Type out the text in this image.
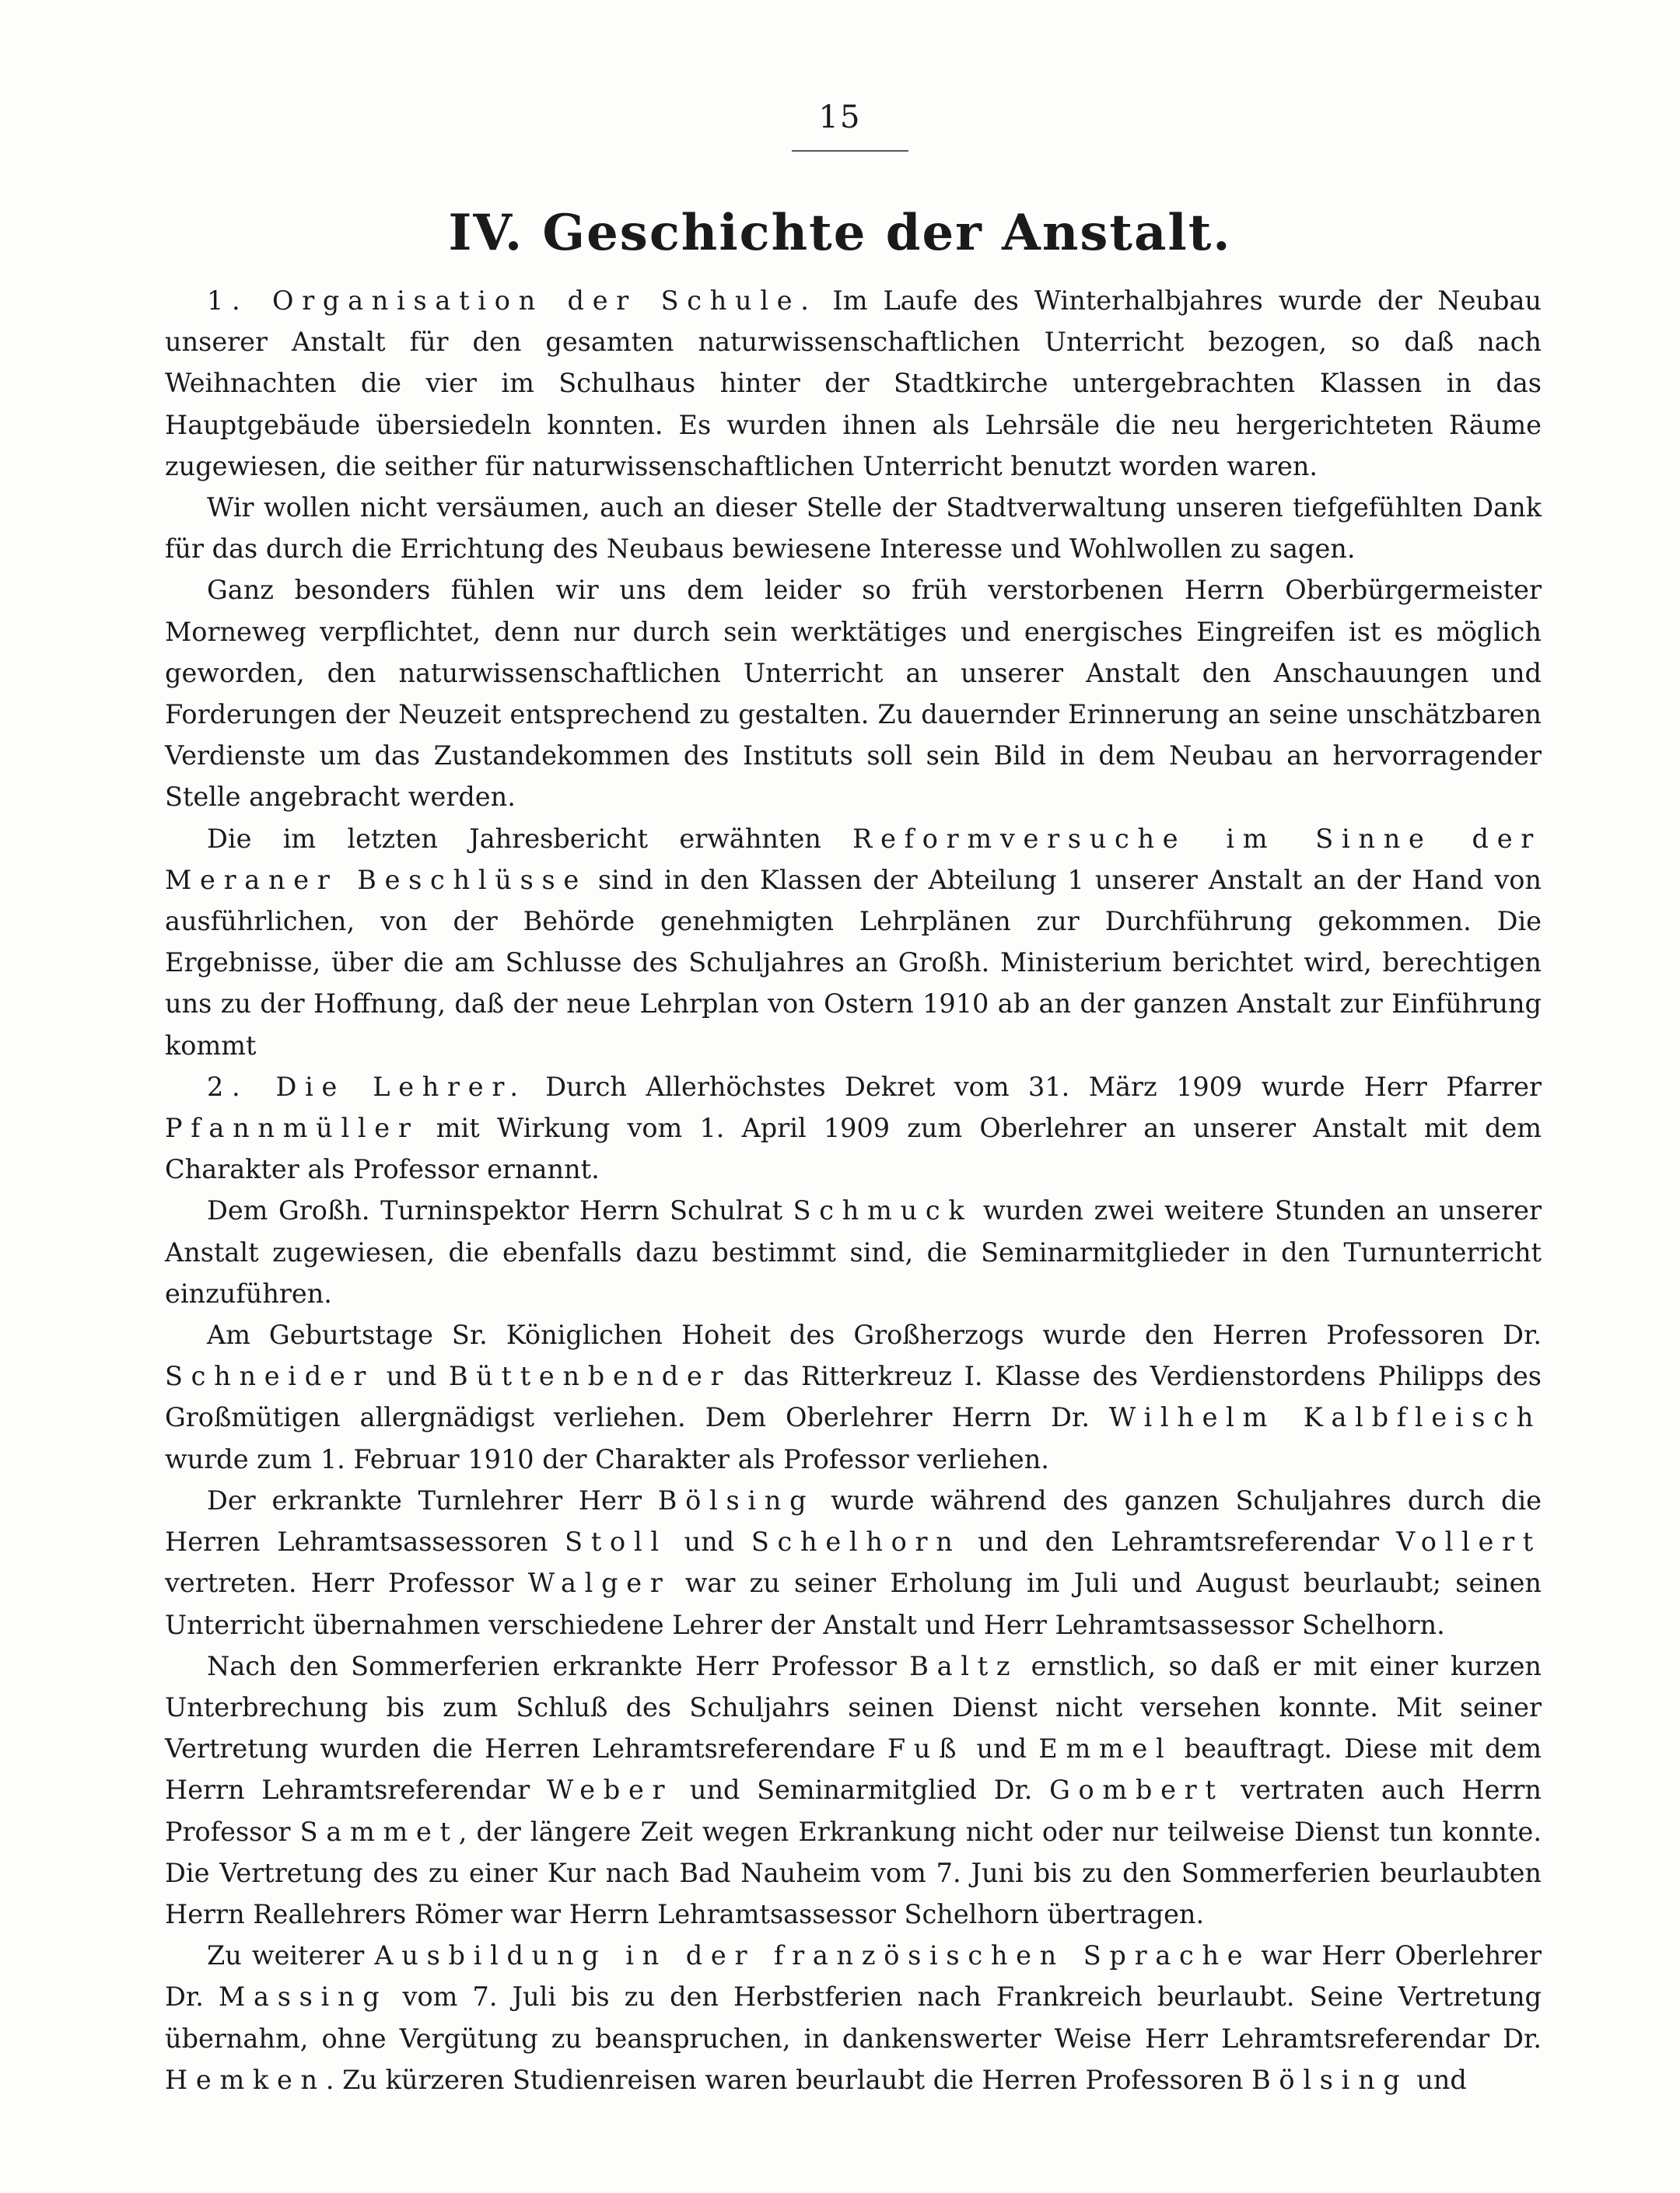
15
IV. Geschichte der Anstalt.

1. Organisation der Schule. Im Laufe des Winterhalbjahres wurde der Neubau unserer Anstalt für den gesamten naturwissenschaftlichen Unterricht bezogen, so daß nach Weihnachten die vier im Schulhaus hinter der Stadtkirche untergebrachten Klassen in das Hauptgebäude übersiedeln konnten. Es wurden ihnen als Lehrsäle die neu hergerichteten Räume zugewiesen, die seither für naturwissenschaftlichen Unterricht benutzt worden waren.

Wir wollen nicht versäumen, auch an dieser Stelle der Stadtverwaltung unseren tiefgefühlten Dank für das durch die Errichtung des Neubaus bewiesene Interesse und Wohlwollen zu sagen.

Ganz besonders fühlen wir uns dem leider so früh verstorbenen Herrn Oberbürgermeister Morneweg verpflichtet, denn nur durch sein werktätiges und energisches Eingreifen ist es möglich geworden, den naturwissenschaftlichen Unterricht an unserer Anstalt den Anschauungen und Forderungen der Neuzeit entsprechend zu gestalten. Zu dauernder Erinnerung an seine unschätzbaren Verdienste um das Zustandekommen des Instituts soll sein Bild in dem Neubau an hervorragender Stelle angebracht werden.

Die im letzten Jahresbericht erwähnten Reformversuche im Sinne der Meraner Beschlüsse sind in den Klassen der Abteilung 1 unserer Anstalt an der Hand von ausführlichen, von der Behörde genehmigten Lehrplänen zur Durchführung gekommen. Die Ergebnisse, über die am Schlusse des Schuljahres an Großh. Ministerium berichtet wird, berechtigen uns zu der Hoffnung, daß der neue Lehrplan von Ostern 1910 ab an der ganzen Anstalt zur Einführung kommt

2. Die Lehrer. Durch Allerhöchstes Dekret vom 31. März 1909 wurde Herr Pfarrer Pfannmüller mit Wirkung vom 1. April 1909 zum Oberlehrer an unserer Anstalt mit dem Charakter als Professor ernannt.

Dem Großh. Turninspektor Herrn Schulrat Schmuck wurden zwei weitere Stunden an unserer Anstalt zugewiesen, die ebenfalls dazu bestimmt sind, die Seminarmitglieder in den Turnunterricht einzuführen.

Am Geburtstage Sr. Königlichen Hoheit des Großherzogs wurde den Herren Professoren Dr. Schneider und Büttenbender das Ritterkreuz I. Klasse des Verdienstordens Philipps des Großmütigen allergnädigst verliehen. Dem Oberlehrer Herrn Dr. Wilhelm Kalbfleisch wurde zum 1. Februar 1910 der Charakter als Professor verliehen.

Der erkrankte Turnlehrer Herr Bölsing wurde während des ganzen Schuljahres durch die Herren Lehramtsassessoren Stoll und Schelhorn und den Lehramtsreferendar Vollert vertreten. Herr Professor Walger war zu seiner Erholung im Juli und August beurlaubt; seinen Unterricht übernahmen verschiedene Lehrer der Anstalt und Herr Lehramtsassessor Schelhorn.

Nach den Sommerferien erkrankte Herr Professor Baltz ernstlich, so daß er mit einer kurzen Unterbrechung bis zum Schluß des Schuljahrs seinen Dienst nicht versehen konnte. Mit seiner Vertretung wurden die Herren Lehramtsreferendare Fuß und Emmel beauftragt. Diese mit dem Herrn Lehramtsreferendar Weber und Seminarmitglied Dr. Gombert vertraten auch Herrn Professor Sammet, der längere Zeit wegen Erkrankung nicht oder nur teilweise Dienst tun konnte. Die Vertretung des zu einer Kur nach Bad Nauheim vom 7. Juni bis zu den Sommerferien beurlaubten Herrn Reallehrers Römer war Herrn Lehramtsassessor Schelhorn übertragen.

Zu weiterer Ausbildung in der französischen Sprache war Herr Oberlehrer Dr. Massing vom 7. Juli bis zu den Herbstferien nach Frankreich beurlaubt. Seine Vertretung übernahm, ohne Vergütung zu beanspruchen, in dankenswerter Weise Herr Lehramtsreferendar Dr. Hemken. Zu kürzeren Studienreisen waren beurlaubt die Herren Professoren Bölsing und
